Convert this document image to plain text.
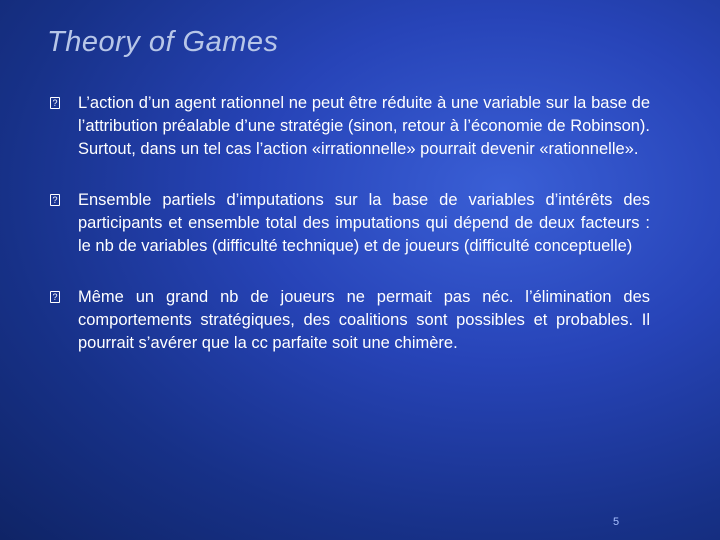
Theory of Games
? L’action d’un agent rationnel ne peut être réduite à une variable sur la base de l’attribution préalable d’une stratégie (sinon, retour à l’économie de Robinson). Surtout, dans un tel cas l’action «irrationnelle» pourrait devenir «rationnelle».
? Ensemble partiels d’imputations sur la base de variables d’intérêts des participants et ensemble total des imputations qui dépend de deux facteurs : le nb de variables (difficulté technique) et de joueurs (difficulté conceptuelle)
? Même un grand nb de joueurs ne permait pas néc. l’élimination des comportements stratégiques, des coalitions sont possibles et probables. Il pourrait s’avérer que la cc parfaite soit une chimère.
5
